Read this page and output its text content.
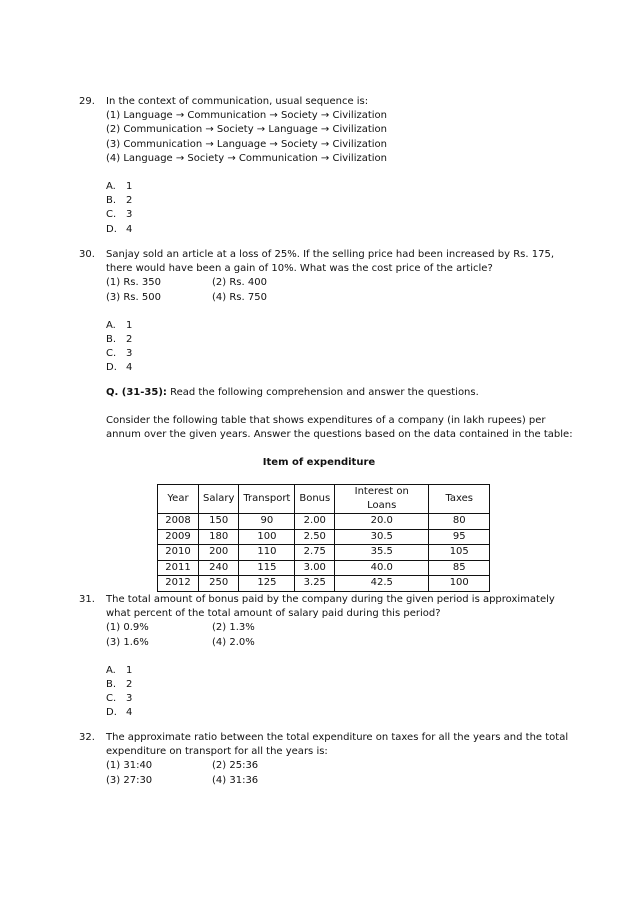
29.	In the context of communication, usual sequence is:

(1) Language → Communication → Society → Civilization
(2) Communication → Society → Language → Civilization
(3) Communication → Language → Society → Civilization
(4) Language → Society → Communication → Civilization
A.	1
B. 2
C. 3
D. 4
30.	Sanjay sold an article at a loss of 25%. If the selling price had been increased by Rs. 175, there would have been a gain of 10%. What was the cost price of the article?

(1) Rs. 350	(2) Rs. 400
(3) Rs. 500	(4) Rs. 750
A.	1
B. 2
C. 3
D. 4

Q. (31-35): Read the following comprehension and answer the questions.

Consider the following table that shows expenditures of a company (in lakh rupees) per annum over the given years. Answer the questions based on the data contained in the table:

Item of expenditure
Year	Salary	Transport	Bonus	Interest on Loans	Taxes
2008	150	90	2.00	20.0	80
2009	180	100	2.50	30.5	95
2010	200	110	2.75	35.5	105
2011	240	115	3.00	40.0	85
2012	250	125	3.25	42.5	100
31.	The total amount of bonus paid by the company during the given period is approximately what percent of the total amount of salary paid during this period?

(1) 0.9%	(2) 1.3%
(3) 1.6%	(4) 2.0%
A.	1
B. 2
C. 3
D. 4
32.	The approximate ratio between the total expenditure on taxes for all the years and the total expenditure on transport for all the years is:

(1) 31:40	(2) 25:36
(3) 27:30	(4) 31:36
